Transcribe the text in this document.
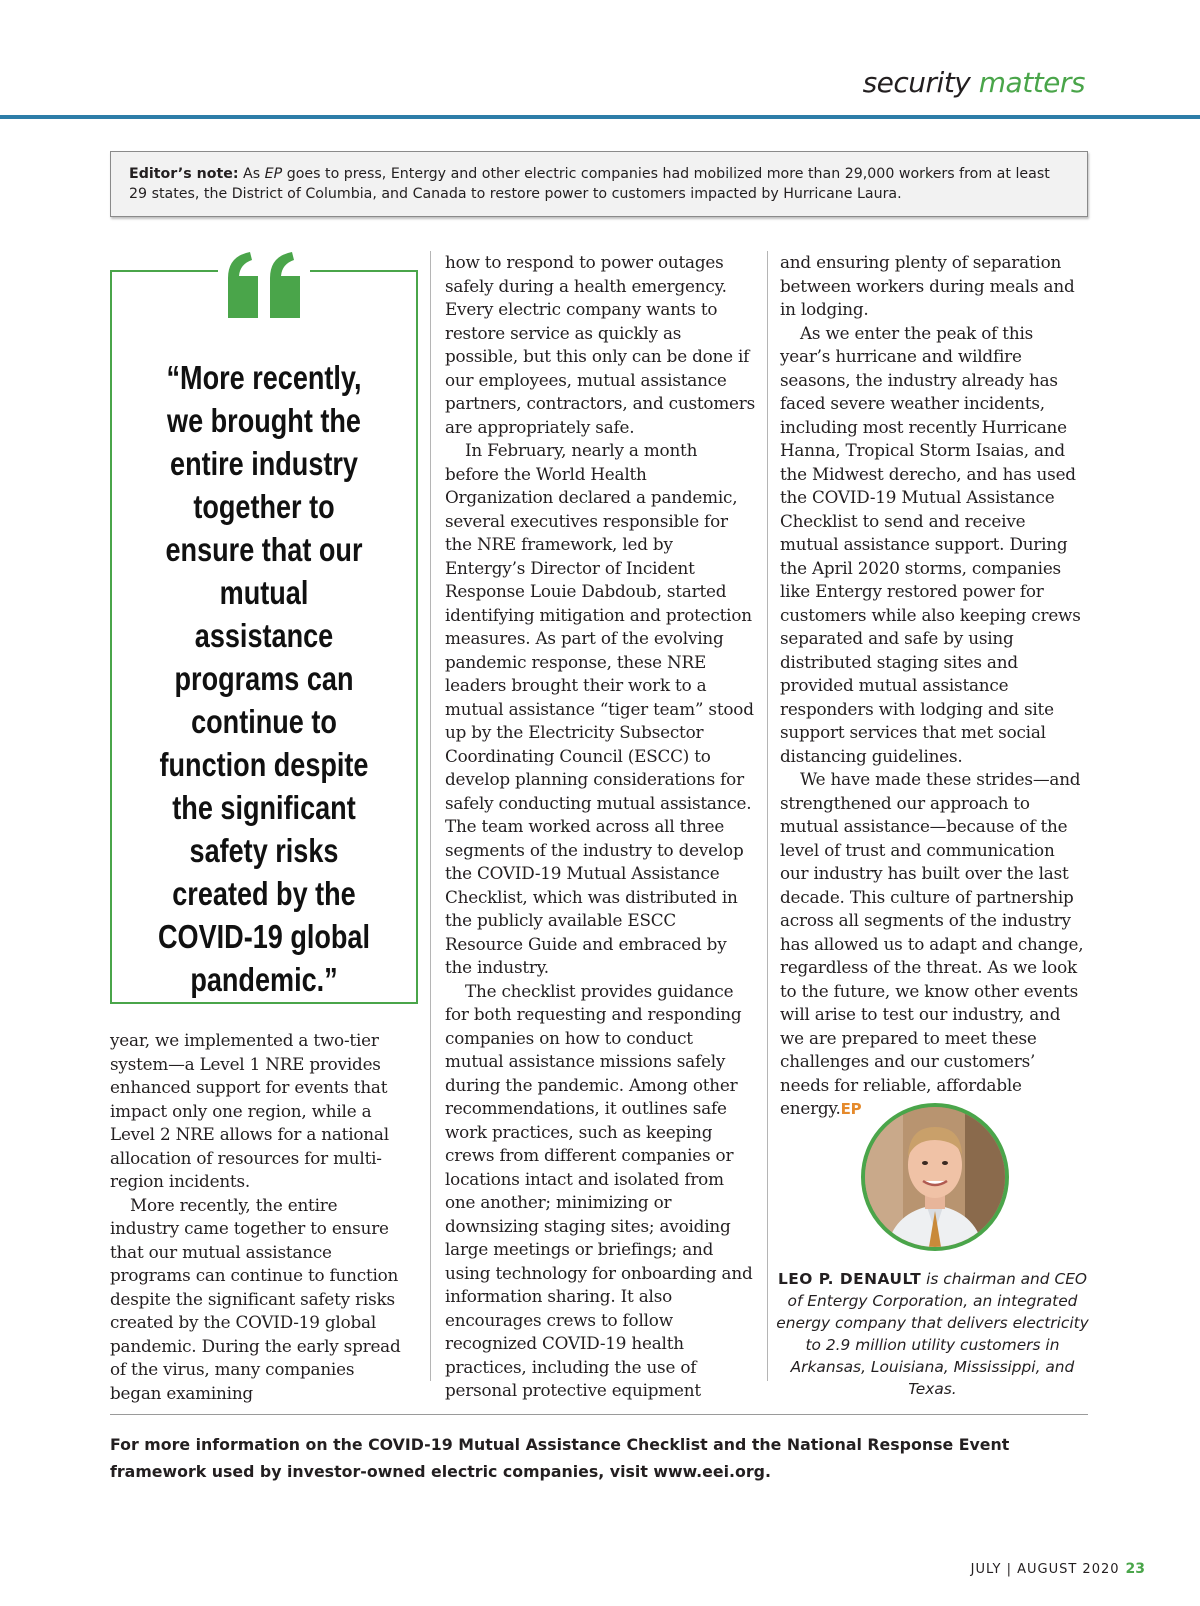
security matters
Editor’s note: As EP goes to press, Entergy and other electric companies had mobilized more than 29,000 workers from at least 29 states, the District of Columbia, and Canada to restore power to customers impacted by Hurricane Laura.
“More recently, we brought the entire industry together to ensure that our mutual assistance programs can continue to function despite the significant safety risks created by the COVID-19 global pandemic.”

year, we implemented a two-tier system—a Level 1 NRE provides enhanced support for events that impact only one region, while a Level 2 NRE allows for a national allocation of resources for multi-region incidents.

More recently, the entire industry came together to ensure that our mutual assistance programs can continue to function despite the significant safety risks created by the COVID-19 global pandemic. During the early spread of the virus, many companies began examining

how to respond to power outages safely during a health emergency. Every electric company wants to restore service as quickly as possible, but this only can be done if our employees, mutual assistance partners, contractors, and customers are appropriately safe.

In February, nearly a month before the World Health Organization declared a pandemic, several executives responsible for the NRE framework, led by Entergy’s Director of Incident Response Louie Dabdoub, started identifying mitigation and protection measures. As part of the evolving pandemic response, these NRE leaders brought their work to a mutual assistance “tiger team” stood up by the Electricity Subsector Coordinating Council (ESCC) to develop planning considerations for safely conducting mutual assistance. The team worked across all three segments of the industry to develop the COVID-19 Mutual Assistance Checklist, which was distributed in the publicly available ESCC Resource Guide and embraced by the industry.

The checklist provides guidance for both requesting and responding companies on how to conduct mutual assistance missions safely during the pandemic. Among other recommendations, it outlines safe work practices, such as keeping crews from different companies or locations intact and isolated from one another; minimizing or downsizing staging sites; avoiding large meetings or briefings; and using technology for onboarding and information sharing. It also encourages crews to follow recognized COVID-19 health practices, including the use of personal protective equipment

and ensuring plenty of separation between workers during meals and in lodging.

As we enter the peak of this year’s hurricane and wildfire seasons, the industry already has faced severe weather incidents, including most recently Hurricane Hanna, Tropical Storm Isaias, and the Midwest derecho, and has used the COVID-19 Mutual Assistance Checklist to send and receive mutual assistance support. During the April 2020 storms, companies like Entergy restored power for customers while also keeping crews separated and safe by using distributed staging sites and provided mutual assistance responders with lodging and site support services that met social distancing guidelines.

We have made these strides—and strengthened our approach to mutual assistance—because of the level of trust and communication our industry has built over the last decade. This culture of partnership across all segments of the industry has allowed us to adapt and change, regardless of the threat. As we look to the future, we know other events will arise to test our industry, and we are prepared to meet these challenges and our customers’ needs for reliable, affordable energy.EP

LEO P. DENAULT is chairman and CEO of Entergy Corporation, an integrated energy company that delivers electricity to 2.9 million utility customers in Arkansas, Louisiana, Mississippi, and Texas.
For more information on the COVID-19 Mutual Assistance Checklist and the National Response Event framework used by investor-owned electric companies, visit www.eei.org.
JULY | AUGUST 2020 23
